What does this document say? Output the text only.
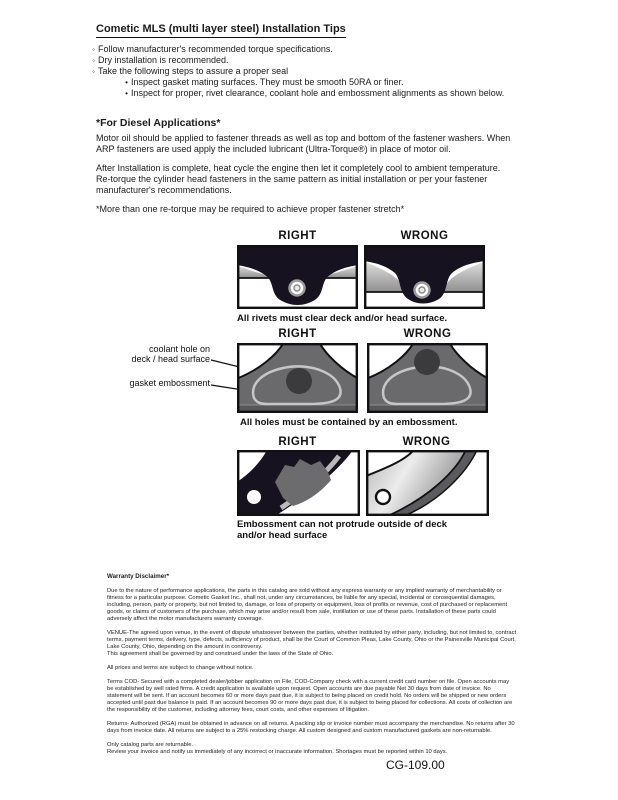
Cometic MLS (multi layer steel) Installation Tips
◦ Follow manufacturer's recommended torque specifications.
◦ Dry installation is recommended.
◦ Take the following steps to assure a proper seal
• Inspect gasket mating surfaces. They must be smooth 50RA or finer.
• Inspect for proper, rivet clearance, coolant hole and embossment alignments as shown below.
*For Diesel Applications*
Motor oil should be applied to fastener threads as well as top and bottom of the fastener washers. When ARP fasteners are used apply the included lubricant (Ultra-Torque®) in place of motor oil.
After Installation is complete, heat cycle the engine then let it completely cool to ambient temperature. Re-torque the cylinder head fasteners in the same pattern as initial installation or per your fastener manufacturer's recommendations.
*More than one re-torque may be required to achieve proper fastener stretch*
RIGHT	WRONG
All rivets must clear deck and/or head surface.
RIGHT	WRONG
coolant hole on
deck / head surface
gasket embossment
All holes must be contained by an embossment.
RIGHT	WRONG
Embossment can not protrude outside of deck
and/or head surface

Warranty Disclaimer*

Due to the nature of performance applications, the parts in this catalog are sold without any express warranty or any implied warranty of merchantability or fitness for a particular purpose. Cometic Gasket Inc., shall not, under any circumstances, be liable for any special, incidental or consequential damages, including, person, party or property, but not limited to, damage, or loss of property or equipment, loss of profits or revenue, cost of purchased or replacement goods, or claims of customers of the purchase, which may arise and/or result from sale, instillation or use of these parts. Installation of these parts could adversely affect the motor manufacturers warranty coverage.

VENUE-The agreed upon venue, in the event of dispute whatsoever between the parties, whether instituted by either party, including, but not limited to, contract terms, payment terms, delivery, type, defects, sufficiency of product, shall be the Court of Common Pleas, Lake County, Ohio or the Painesville Municipal Court, Lake County, Ohio, depending on the amount in controversy.

This agreement shall be governed by and construed under the laws of the State of Ohio.

All prices and terms are subject to change without notice.

Terms COD- Secured with a completed dealer/jobber application on File, COD-Company check with a current credit card number on file. Open accounts may be established by well rated firms. A credit application is available upon request. Open accounts are due payable Net 30 days from date of invoice. No statement will be sent. If an account becomes 60 or more days past due, it is subject to being placed on credit hold. No orders will be shipped or new orders accepted until past due balance is paid. If an account becomes 90 or more days past due, it is subject to being placed for collections. All costs of collection are the responsibility of the customer, including attorney fees, court costs, and other expenses of litigation.

Returns- Authorized (RGA) must be obtained in advance on all returns. A packing slip or invoice number must accompany the merchandise. No returns after 30 days from invoice date. All returns are subject to a 25% restocking charge. All custom designed and custom manufactured gaskets are non-returnable.

Only catalog parts are returnable.

Review your invoice and notify us immediately of any incorrect or inaccurate information. Shortages must be reported within 10 days.

CG-109.00
